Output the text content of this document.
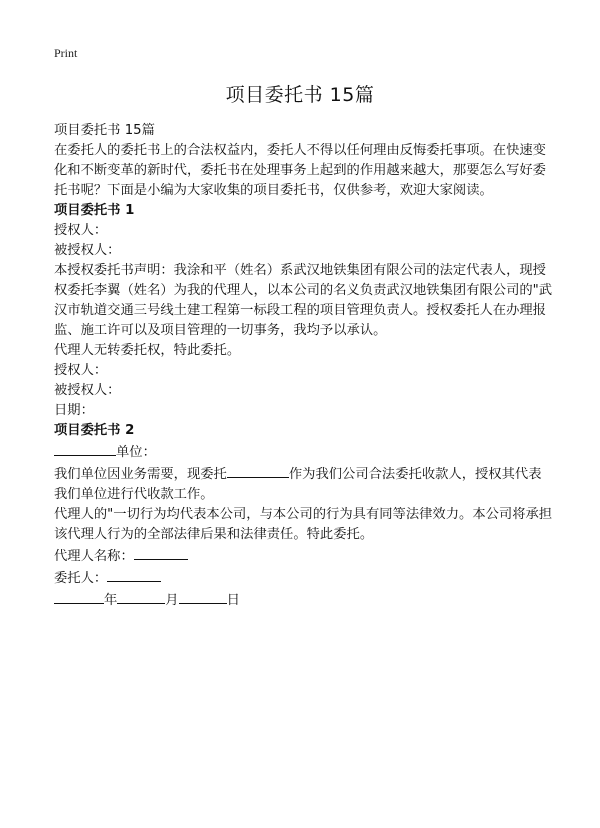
Print
项目委托书 15篇

项目委托书 15篇

在委托人的委托书上的合法权益内，委托人不得以任何理由反悔委托事项。在快速变化和不断变革的新时代，委托书在处理事务上起到的作用越来越大，那要怎么写好委托书呢？下面是小编为大家收集的项目委托书，仅供参考，欢迎大家阅读。

项目委托书 1

授权人：

被授权人：

本授权委托书声明：我涂和平（姓名）系武汉地铁集团有限公司的法定代表人，现授权委托李翼（姓名）为我的代理人，以本公司的名义负责武汉地铁集团有限公司的"武汉市轨道交通三号线土建工程第一标段工程的项目管理负责人。授权委托人在办理报监、施工许可以及项目管理的一切事务，我均予以承认。

代理人无转委托权，特此委托。

授权人：

被授权人：

日期：

项目委托书 2

单位：

我们单位因业务需要，现委托	作为我们公司合法委托收款人，授权其代表我们单位进行代收款工作。

代理人的"一切行为均代表本公司，与本公司的行为具有同等法律效力。本公司将承担该代理人行为的全部法律后果和法律责任。特此委托。

代理人名称：

委托人：

年	月	日
